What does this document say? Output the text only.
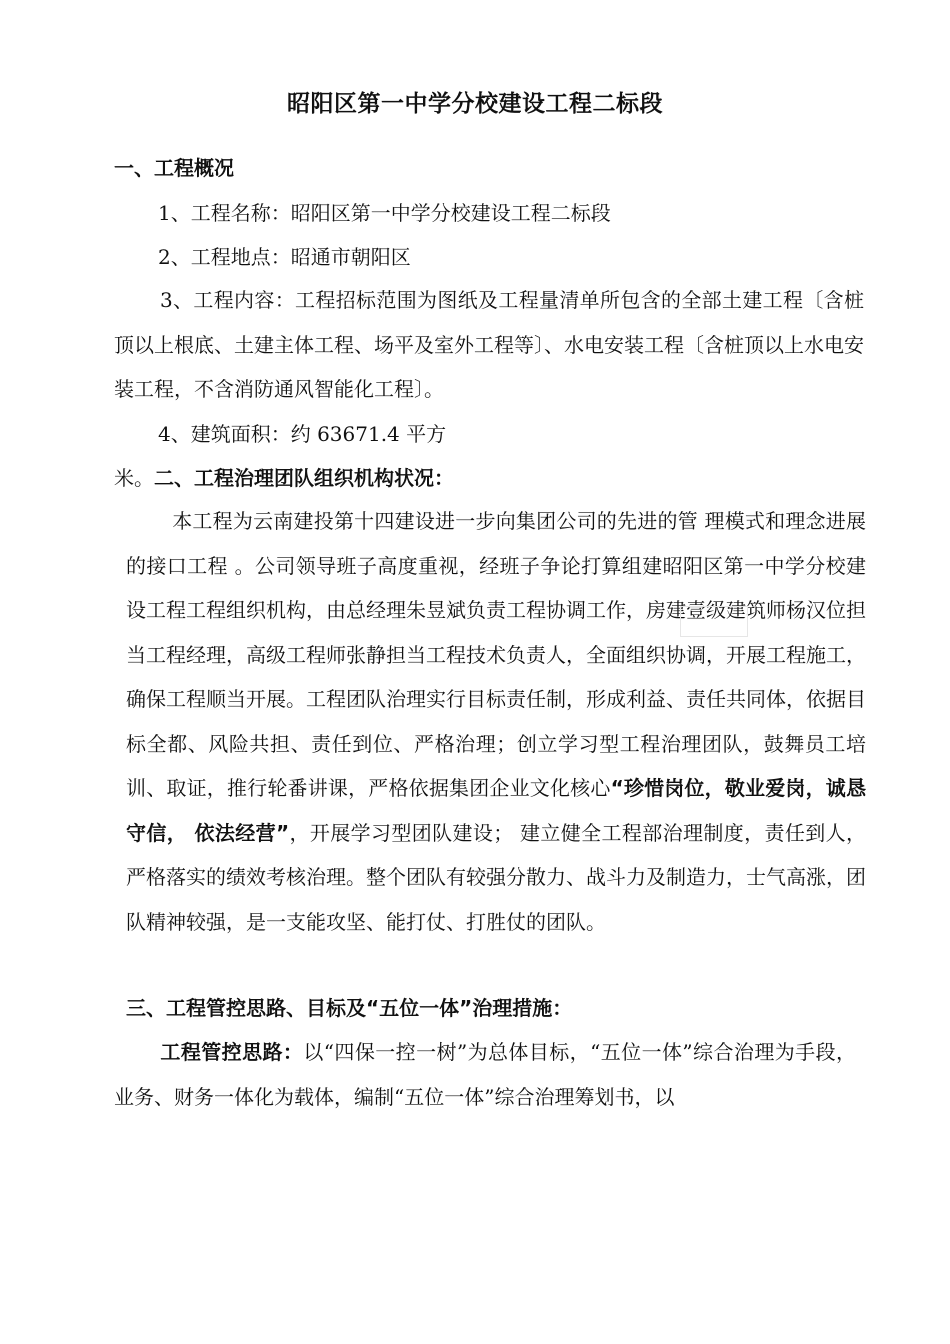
昭阳区第一中学分校建设工程二标段
一、工程概况
1、工程名称：昭阳区第一中学分校建设工程二标段
2、工程地点：昭通市朝阳区
3、工程内容：工程招标范围为图纸及工程量清单所包含的全部土建工程〔含桩顶以上根底、土建主体工程、场平及室外工程等〕、水电安装工程〔含桩顶以上水电安装工程，不含消防通风智能化工程〕。
4、建筑面积：约 63671.4 平方
米。二、工程治理团队组织机构状况：
本工程为云南建投第十四建设进一步向集团公司的先进的管 理模式和理念进展的接口工程 。公司领导班子高度重视，经班子争论打算组建昭阳区第一中学分校建设工程工程组织机构，由总经理朱昱斌负责工程协调工作，房建壹级建筑师杨汉位担当工程经理，高级工程师张静担当工程技术负责人，全面组织协调，开展工程施工，确保工程顺当开展。工程团队治理实行目标责任制，形成利益、责任共同体，依据目标全都、风险共担、责任到位、严格治理；创立学习型工程治理团队，鼓舞员工培训、取证，推行轮番讲课，严格依据集团企业文化核心“珍惜岗位，敬业爱岗，诚恳守信， 依法经营”，开展学习型团队建设； 建立健全工程部治理制度，责任到人，严格落实的绩效考核治理。整个团队有较强分散力、战斗力及制造力，士气高涨，团队精神较强，是一支能攻坚、能打仗、打胜仗的团队。
三、工程管控思路、目标及“五位一体”治理措施：
工程管控思路：以“四保一控一树”为总体目标，“五位一体”综合治理为手段，业务、财务一体化为载体，编制“五位一体”综合治理筹划书，以
